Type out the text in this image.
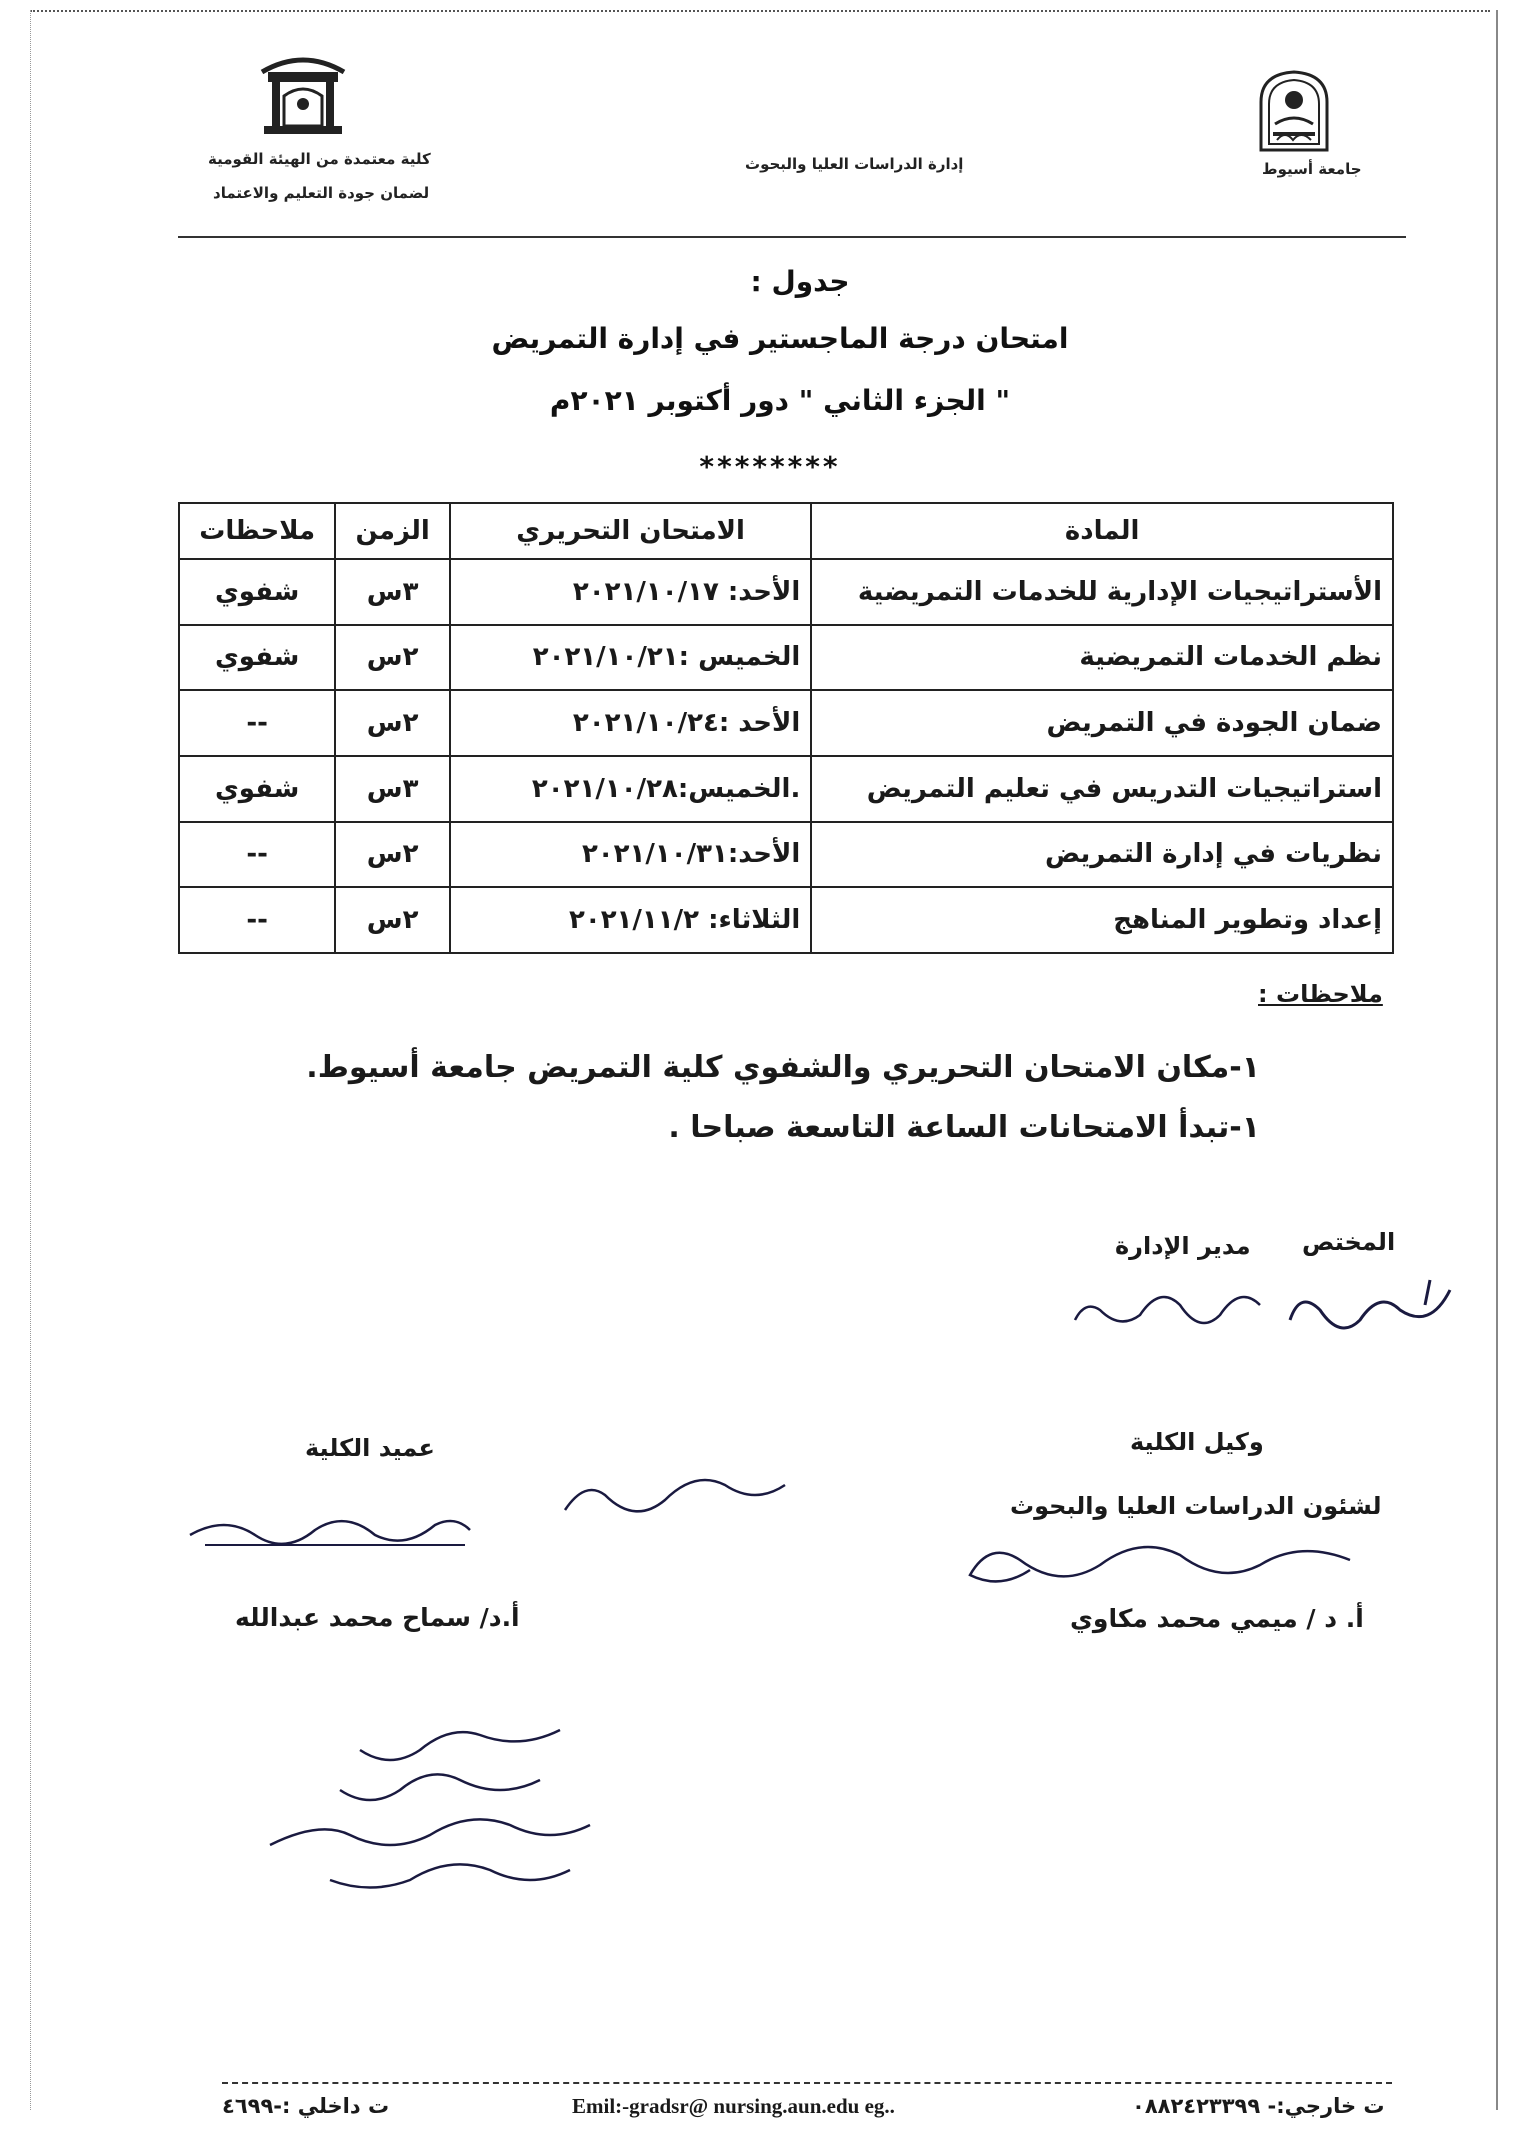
جامعة أسيوط
إدارة الدراسات العليا والبحوث
كلية معتمدة من الهيئة القومية
لضمان جودة التعليم والاعتماد
جدول :
امتحان درجة الماجستير في إدارة التمريض
" الجزء الثاني " دور أكتوبر ٢٠٢١م
********
المادة	الامتحان التحريري	الزمن	ملاحظات
الأستراتيجيات الإدارية للخدمات التمريضية	الأحد: ٢٠٢١/١٠/١٧	٣س	شفوي
نظم الخدمات التمريضية	الخميس :٢٠٢١/١٠/٢١	٢س	شفوي
ضمان الجودة في التمريض	الأحد :٢٠٢١/١٠/٢٤	٢س	--
استراتيجيات التدريس في تعليم التمريض	.الخميس:٢٠٢١/١٠/٢٨	٣س	شفوي
نظريات في إدارة التمريض	الأحد:٢٠٢١/١٠/٣١	٢س	--
إعداد وتطوير المناهج	الثلاثاء: ٢٠٢١/١١/٢	٢س	--
ملاحظات :
١-مكان الامتحان التحريري والشفوي كلية التمريض جامعة أسيوط.
١-تبدأ الامتحانات الساعة التاسعة صباحا .
المختص
مدير الإدارة
وكيل الكلية
لشئون الدراسات العليا والبحوث
أ. د / ميمي محمد مكاوي
عميد الكلية
أ.د/ سماح محمد عبدالله
ت خارجي:- ٠٨٨٢٤٢٣٣٩٩
Emil:-gradsr@ nursing.aun.edu eg..
ت داخلي :-٤٦٩٩
